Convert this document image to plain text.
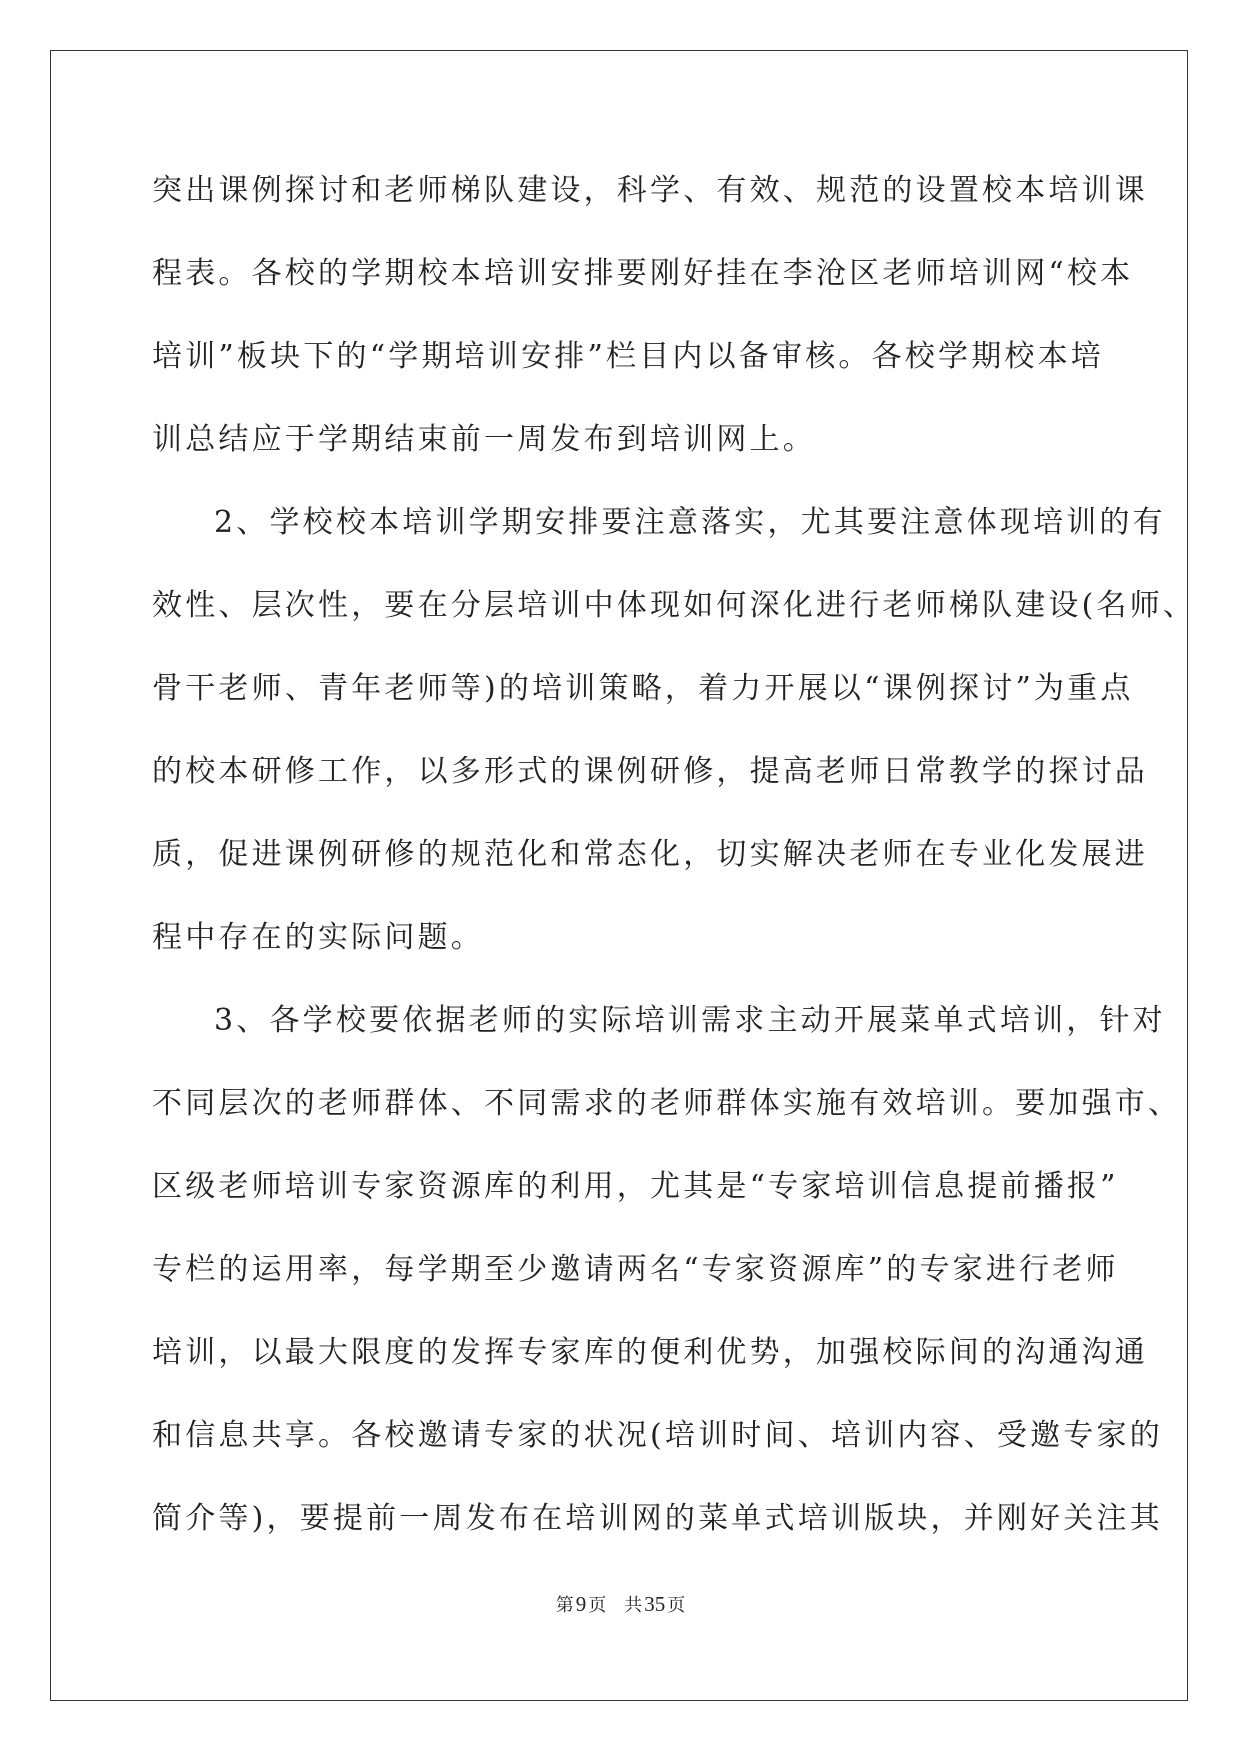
突出课例探讨和老师梯队建设，科学、有效、规范的设置校本培训课
程表。各校的学期校本培训安排要刚好挂在李沧区老师培训网“校本
培训”板块下的“学期培训安排”栏目内以备审核。各校学期校本培
训总结应于学期结束前一周发布到培训网上。
2、学校校本培训学期安排要注意落实，尤其要注意体现培训的有
效性、层次性，要在分层培训中体现如何深化进行老师梯队建设(名师、
骨干老师、青年老师等)的培训策略，着力开展以“课例探讨”为重点
的校本研修工作，以多形式的课例研修，提高老师日常教学的探讨品
质，促进课例研修的规范化和常态化，切实解决老师在专业化发展进
程中存在的实际问题。
3、各学校要依据老师的实际培训需求主动开展菜单式培训，针对
不同层次的老师群体、不同需求的老师群体实施有效培训。要加强市、
区级老师培训专家资源库的利用，尤其是“专家培训信息提前播报”
专栏的运用率，每学期至少邀请两名“专家资源库”的专家进行老师
培训，以最大限度的发挥专家库的便利优势，加强校际间的沟通沟通
和信息共享。各校邀请专家的状况(培训时间、培训内容、受邀专家的
简介等)，要提前一周发布在培训网的菜单式培训版块，并刚好关注其
第9 页 共35 页
